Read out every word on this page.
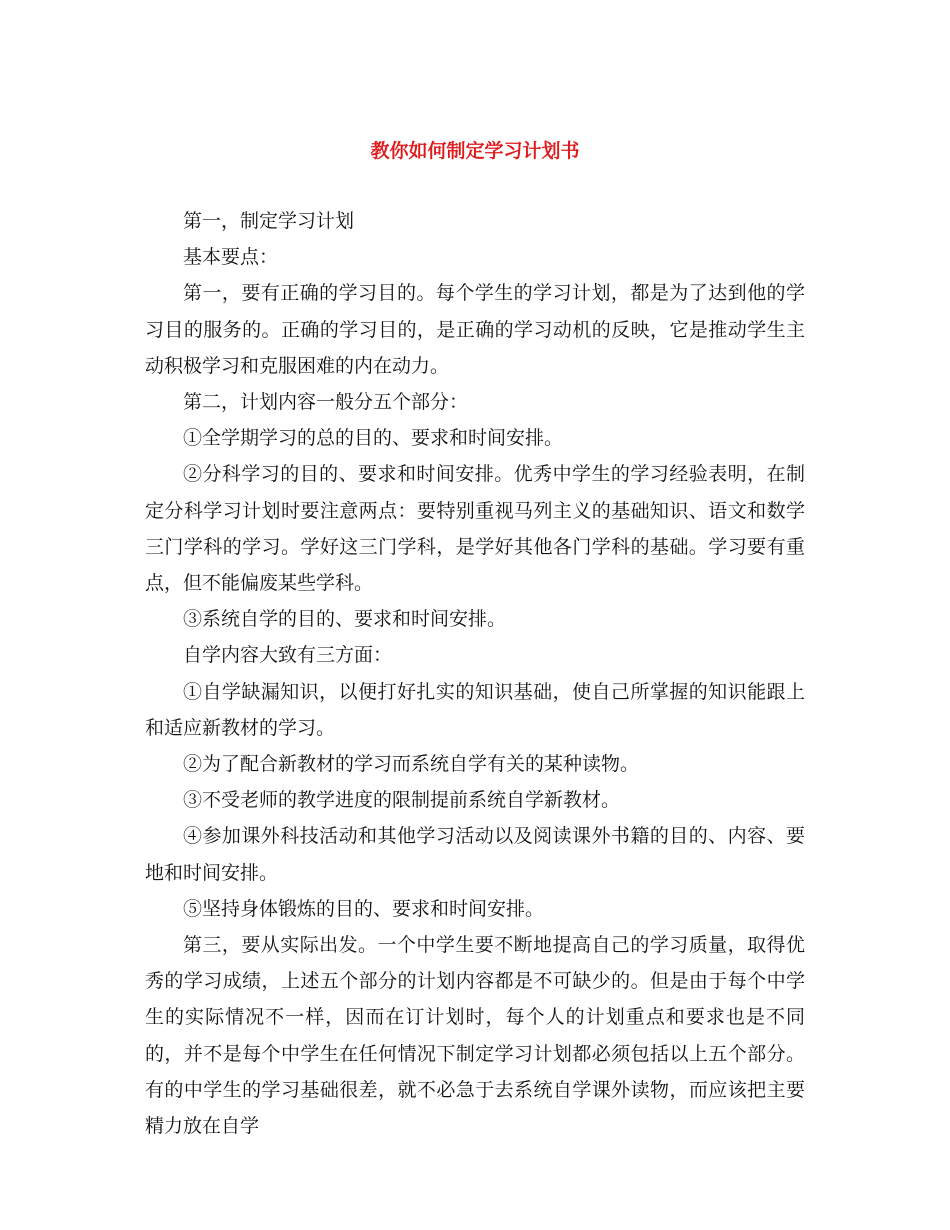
教你如何制定学习计划书

第一，制定学习计划

基本要点：

第一，要有正确的学习目的。每个学生的学习计划，都是为了达到他的学习目的服务的。正确的学习目的，是正确的学习动机的反映，它是推动学生主动积极学习和克服困难的内在动力。

第二，计划内容一般分五个部分：

①全学期学习的总的目的、要求和时间安排。

②分科学习的目的、要求和时间安排。优秀中学生的学习经验表明，在制定分科学习计划时要注意两点：要特别重视马列主义的基础知识、语文和数学三门学科的学习。学好这三门学科，是学好其他各门学科的基础。学习要有重点，但不能偏废某些学科。

③系统自学的目的、要求和时间安排。

自学内容大致有三方面：

①自学缺漏知识，以便打好扎实的知识基础，使自己所掌握的知识能跟上和适应新教材的学习。

②为了配合新教材的学习而系统自学有关的某种读物。

③不受老师的教学进度的限制提前系统自学新教材。

④参加课外科技活动和其他学习活动以及阅读课外书籍的目的、内容、要地和时间安排。

⑤坚持身体锻炼的目的、要求和时间安排。

第三，要从实际出发。一个中学生要不断地提高自己的学习质量，取得优秀的学习成绩，上述五个部分的计划内容都是不可缺少的。但是由于每个中学生的实际情况不一样，因而在订计划时，每个人的计划重点和要求也是不同的，并不是每个中学生在任何情况下制定学习计划都必须包括以上五个部分。有的中学生的学习基础很差，就不必急于去系统自学课外读物，而应该把主要精力放在自学
